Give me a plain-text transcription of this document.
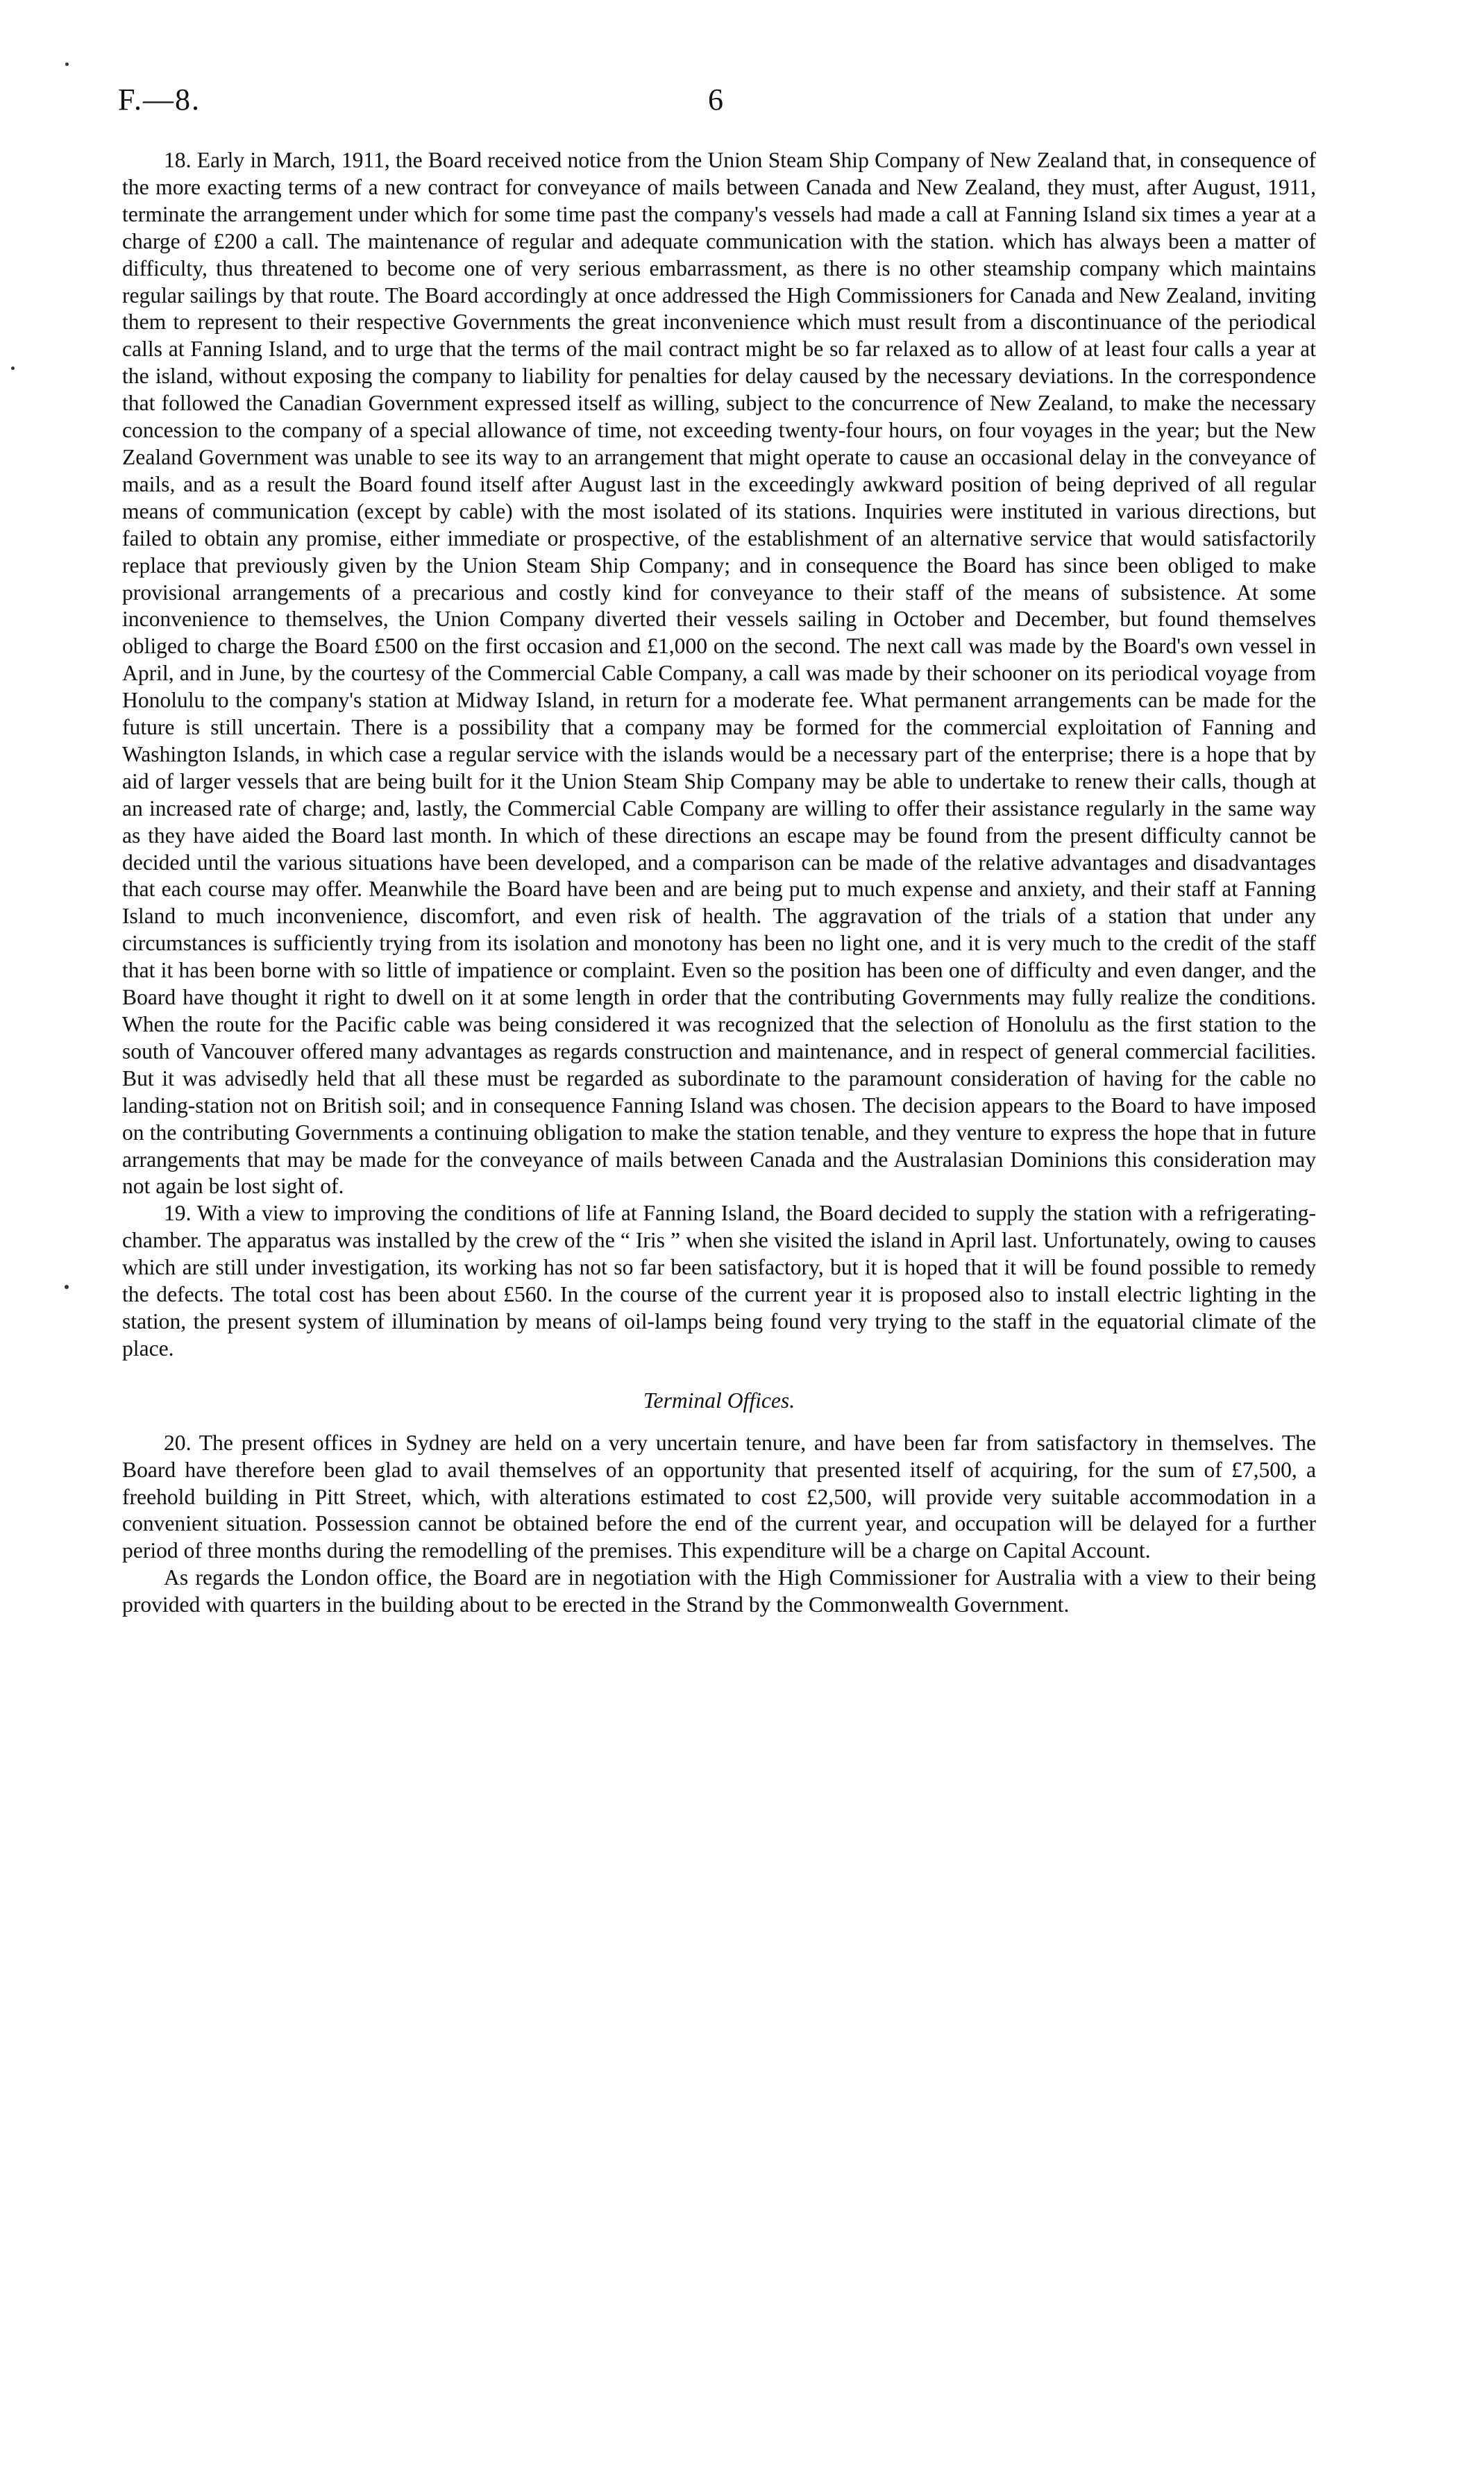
F.—8.	6

18. Early in March, 1911, the Board received notice from the Union Steam Ship Company of New Zealand that, in consequence of the more exacting terms of a new contract for conveyance of mails between Canada and New Zealand, they must, after August, 1911, terminate the arrangement under which for some time past the company's vessels had made a call at Fanning Island six times a year at a charge of £200 a call. The maintenance of regular and adequate communication with the station. which has always been a matter of difficulty, thus threatened to become one of very serious embarrassment, as there is no other steamship company which maintains regular sailings by that route. The Board accordingly at once addressed the High Commissioners for Canada and New Zealand, inviting them to represent to their respective Governments the great inconvenience which must result from a discontinuance of the periodical calls at Fanning Island, and to urge that the terms of the mail contract might be so far relaxed as to allow of at least four calls a year at the island, without exposing the company to liability for penalties for delay caused by the necessary deviations. In the correspondence that followed the Canadian Government expressed itself as willing, subject to the concurrence of New Zealand, to make the necessary concession to the company of a special allowance of time, not exceeding twenty-four hours, on four voyages in the year; but the New Zealand Government was unable to see its way to an arrangement that might operate to cause an occasional delay in the conveyance of mails, and as a result the Board found itself after August last in the exceedingly awkward position of being deprived of all regular means of communication (except by cable) with the most isolated of its stations. Inquiries were instituted in various directions, but failed to obtain any promise, either immediate or prospective, of the establishment of an alternative service that would satisfactorily replace that previously given by the Union Steam Ship Company; and in consequence the Board has since been obliged to make provisional arrangements of a precarious and costly kind for conveyance to their staff of the means of subsistence. At some inconvenience to themselves, the Union Company diverted their vessels sailing in October and December, but found themselves obliged to charge the Board £500 on the first occasion and £1,000 on the second. The next call was made by the Board's own vessel in April, and in June, by the courtesy of the Commercial Cable Company, a call was made by their schooner on its periodical voyage from Honolulu to the company's station at Midway Island, in return for a moderate fee. What permanent arrangements can be made for the future is still uncertain. There is a possibility that a company may be formed for the commercial exploitation of Fanning and Washington Islands, in which case a regular service with the islands would be a necessary part of the enterprise; there is a hope that by aid of larger vessels that are being built for it the Union Steam Ship Company may be able to undertake to renew their calls, though at an increased rate of charge; and, lastly, the Commercial Cable Company are willing to offer their assistance regularly in the same way as they have aided the Board last month. In which of these directions an escape may be found from the present difficulty cannot be decided until the various situations have been developed, and a comparison can be made of the relative advantages and disadvantages that each course may offer. Meanwhile the Board have been and are being put to much expense and anxiety, and their staff at Fanning Island to much inconvenience, discomfort, and even risk of health. The aggravation of the trials of a station that under any circumstances is sufficiently trying from its isolation and monotony has been no light one, and it is very much to the credit of the staff that it has been borne with so little of impatience or complaint. Even so the position has been one of difficulty and even danger, and the Board have thought it right to dwell on it at some length in order that the contributing Governments may fully realize the conditions. When the route for the Pacific cable was being considered it was recognized that the selection of Honolulu as the first station to the south of Vancouver offered many advantages as regards construction and maintenance, and in respect of general commercial facilities. But it was advisedly held that all these must be regarded as subordinate to the paramount consideration of having for the cable no landing-station not on British soil; and in consequence Fanning Island was chosen. The decision appears to the Board to have imposed on the contributing Governments a continuing obligation to make the station tenable, and they venture to express the hope that in future arrangements that may be made for the conveyance of mails between Canada and the Australasian Dominions this consideration may not again be lost sight of.

19. With a view to improving the conditions of life at Fanning Island, the Board decided to supply the station with a refrigerating-chamber. The apparatus was installed by the crew of the “ Iris ” when she visited the island in April last. Unfortunately, owing to causes which are still under investigation, its working has not so far been satisfactory, but it is hoped that it will be found possible to remedy the defects. The total cost has been about £560. In the course of the current year it is proposed also to install electric lighting in the station, the present system of illumination by means of oil-lamps being found very trying to the staff in the equatorial climate of the place.

Terminal Offices.

20. The present offices in Sydney are held on a very uncertain tenure, and have been far from satisfactory in themselves. The Board have therefore been glad to avail themselves of an opportunity that presented itself of acquiring, for the sum of £7,500, a freehold building in Pitt Street, which, with alterations estimated to cost £2,500, will provide very suitable accommodation in a convenient situation. Possession cannot be obtained before the end of the current year, and occupation will be delayed for a further period of three months during the remodelling of the premises. This expenditure will be a charge on Capital Account.

As regards the London office, the Board are in negotiation with the High Commissioner for Australia with a view to their being provided with quarters in the building about to be erected in the Strand by the Commonwealth Government.
